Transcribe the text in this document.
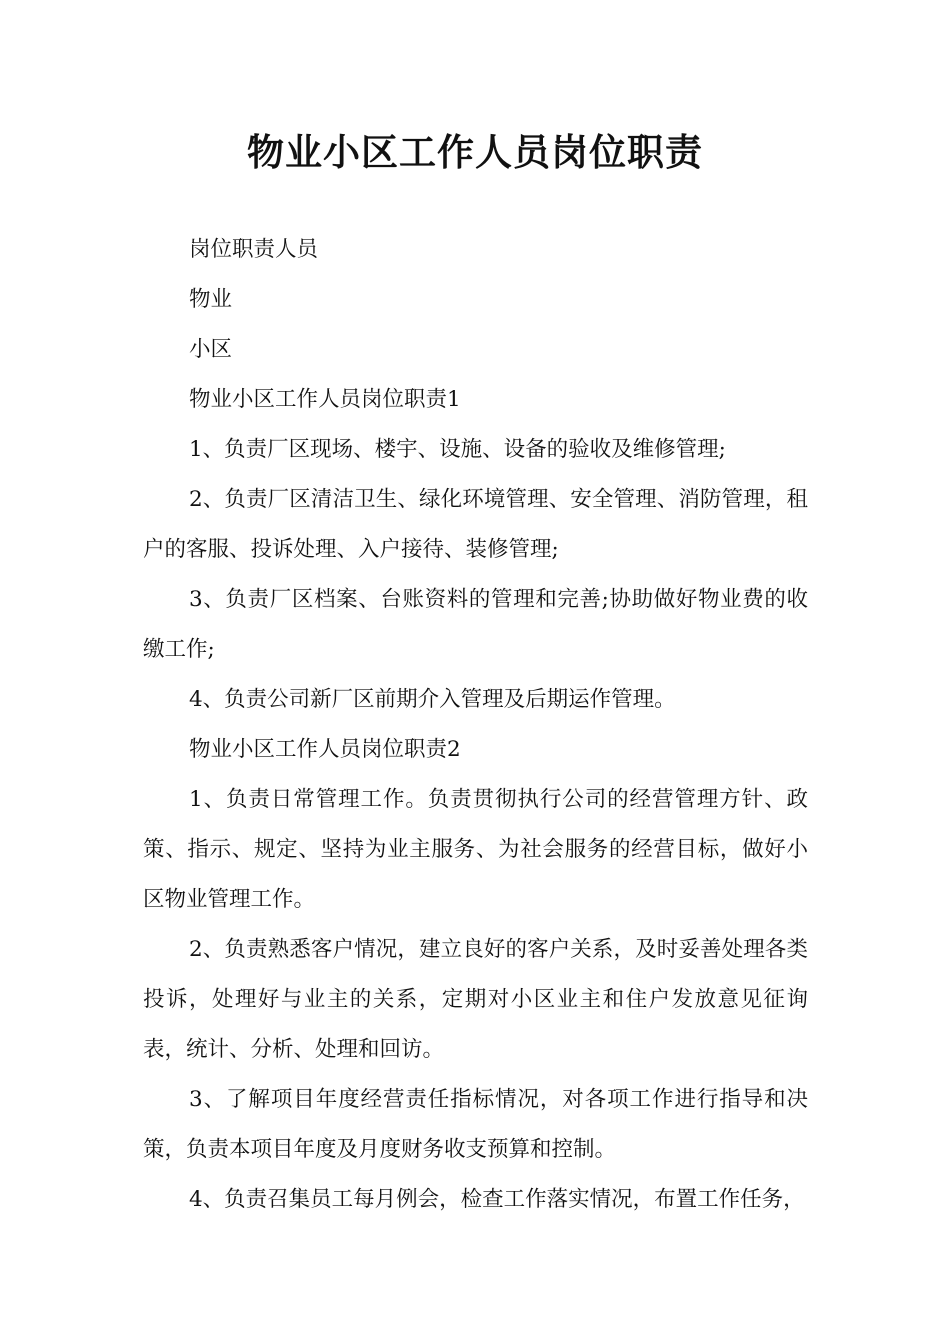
物业小区工作人员岗位职责

岗位职责人员

物业

小区

物业小区工作人员岗位职责1

1、负责厂区现场、楼宇、设施、设备的验收及维修管理;

2、负责厂区清洁卫生、绿化环境管理、安全管理、消防管理，租户的客服、投诉处理、入户接待、装修管理;

3、负责厂区档案、台账资料的管理和完善;协助做好物业费的收缴工作;

4、负责公司新厂区前期介入管理及后期运作管理。

物业小区工作人员岗位职责2

1、负责日常管理工作。负责贯彻执行公司的经营管理方针、政策、指示、规定、坚持为业主服务、为社会服务的经营目标，做好小区物业管理工作。

2、负责熟悉客户情况，建立良好的客户关系，及时妥善处理各类投诉，处理好与业主的关系，定期对小区业主和住户发放意见征询表，统计、分析、处理和回访。

3、了解项目年度经营责任指标情况，对各项工作进行指导和决策，负责本项目年度及月度财务收支预算和控制。

4、负责召集员工每月例会，检查工作落实情况，布置工作任务，
